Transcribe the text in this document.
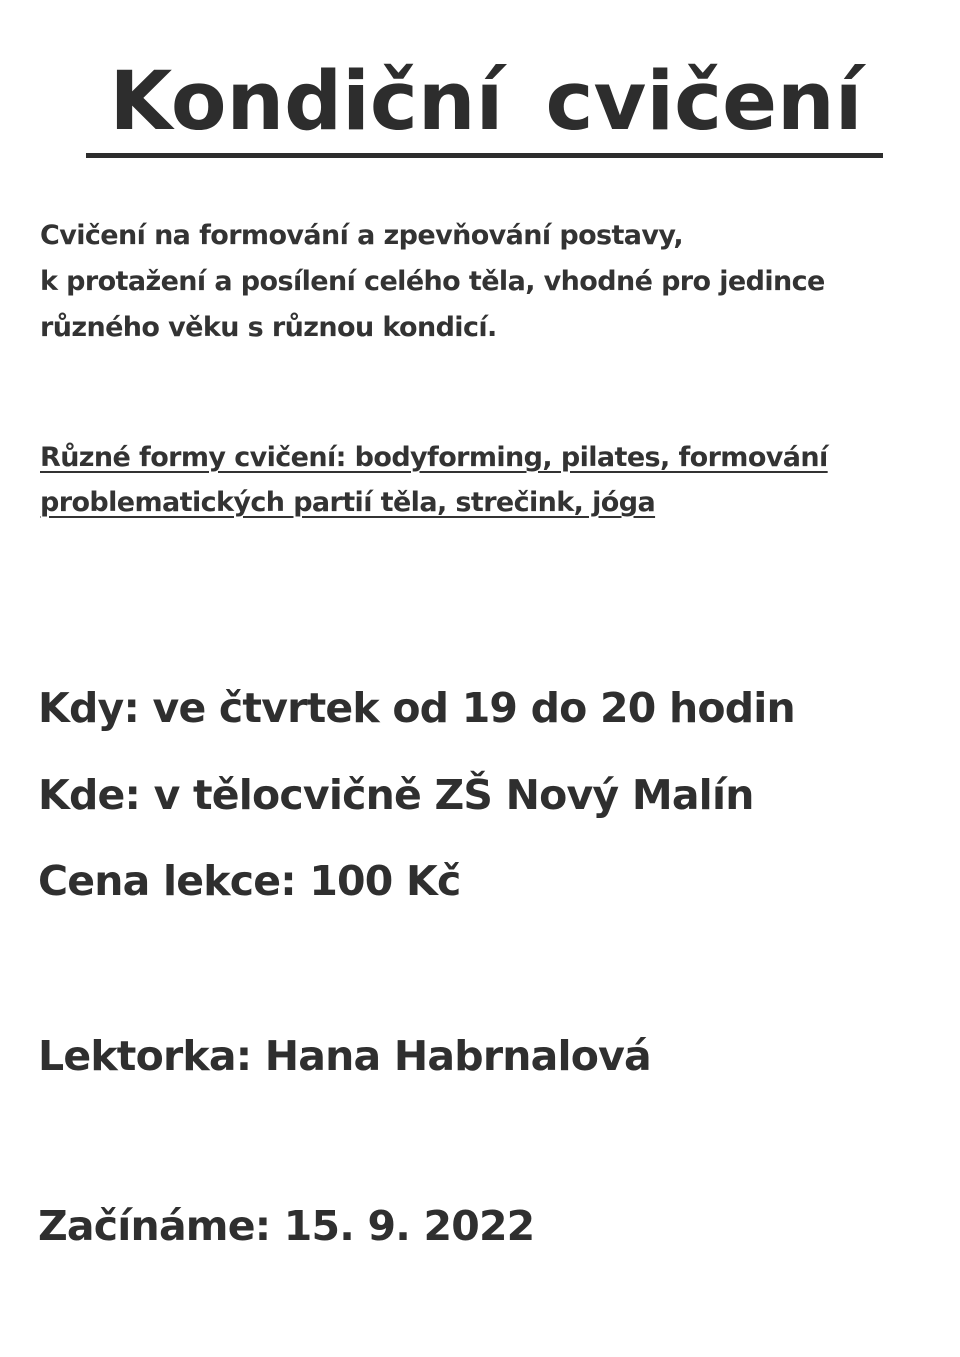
Kondiční cvičení

Cvičení na formování a zpevňování postavy,
k protažení a posílení celého těla, vhodné pro jedince
různého věku s různou kondicí.

Různé formy cvičení: bodyforming, pilates, formování
problematických partií těla, strečink, jóga

Kdy: ve čtvrtek od 19 do 20 hodin

Kde: v tělocvičně ZŠ Nový Malín

Cena lekce: 100 Kč

Lektorka: Hana Habrnalová

Začínáme: 15. 9. 2022
